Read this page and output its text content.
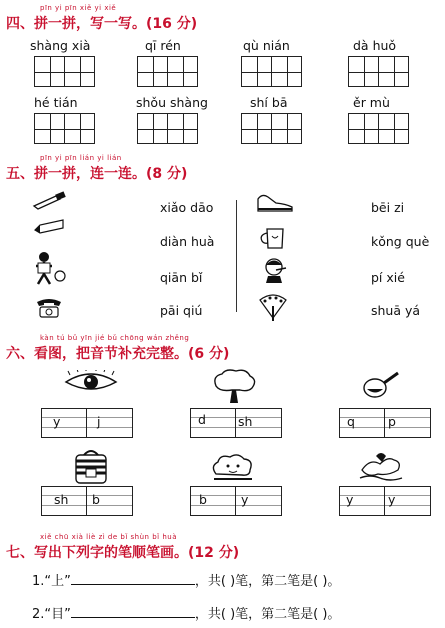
pīn yi pīn xiě yi xiě
四、拼一拼，写一写。(16 分)
shàng xià	qī rén	qù nián	dà huǒ
hé tián	shǒu shàng	shí bā	ěr mù
pīn yi pīn lián yi lián
五、拼一拼，连一连。(8 分)
xiǎo dāo
diàn huà
qiān bǐ
pāi qiú
bēi zi
kǒng què
pí xié
shuā yá
kàn tú bǔ yīn jié bǔ chōng wán zhěng
六、看图，把音节补充完整。(6 分)
y	j	d	sh	q	p
sh b	b	y	y	y
xiě chū xià liè zì de bǐ shùn bǐ huà
七、写出下列字的笔顺笔画。(12 分)
1.“上”	，共( )笔，第二笔是( )。
2.“目”	，共( )笔，第二笔是( )。
